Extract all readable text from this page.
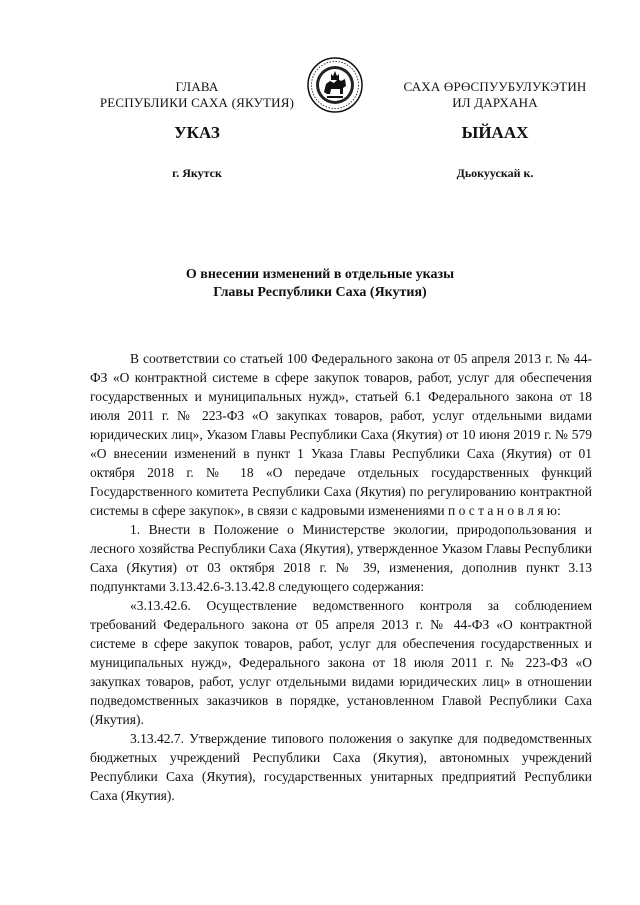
ГЛАВА
РЕСПУБЛИКИ САХА (ЯКУТИЯ)
САХА ӨРӨСПУУБУЛУКЭТИН
ИЛ ДАРХАНА
УКАЗ	ЫЙААХ
г. Якутск	Дьокуускай к.
О внесении изменений в отдельные указы
Главы Республики Саха (Якутия)

В соответствии со статьей 100 Федерального закона от 05 апреля 2013 г. № 44-ФЗ «О контрактной системе в сфере закупок товаров, работ, услуг для обеспечения государственных и муниципальных нужд», статьей 6.1 Федерального закона от 18 июля 2011 г. № 223-ФЗ «О закупках товаров, работ, услуг отдельными видами юридических лиц», Указом Главы Республики Саха (Якутия) от 10 июня 2019 г. № 579 «О внесении изменений в пункт 1 Указа Главы Республики Саха (Якутия) от 01 октября 2018 г. № 18 «О передаче отдельных государственных функций Государственного комитета Республики Саха (Якутия) по регулированию контрактной системы в сфере закупок», в связи с кадровыми изменениями п о с т а н о в л я ю:

1. Внести в Положение о Министерстве экологии, природопользования и лесного хозяйства Республики Саха (Якутия), утвержденное Указом Главы Республики Саха (Якутия) от 03 октября 2018 г. № 39, изменения, дополнив пункт 3.13 подпунктами 3.13.42.6-3.13.42.8 следующего содержания:

«3.13.42.6. Осуществление ведомственного контроля за соблюдением требований Федерального закона от 05 апреля 2013 г. № 44-ФЗ «О контрактной системе в сфере закупок товаров, работ, услуг для обеспечения государственных и муниципальных нужд», Федерального закона от 18 июля 2011 г. № 223-ФЗ «О закупках товаров, работ, услуг отдельными видами юридических лиц» в отношении подведомственных заказчиков в порядке, установленном Главой Республики Саха (Якутия).

3.13.42.7. Утверждение типового положения о закупке для подведомственных бюджетных учреждений Республики Саха (Якутия), автономных учреждений Республики Саха (Якутия), государственных унитарных предприятий Республики Саха (Якутия).
